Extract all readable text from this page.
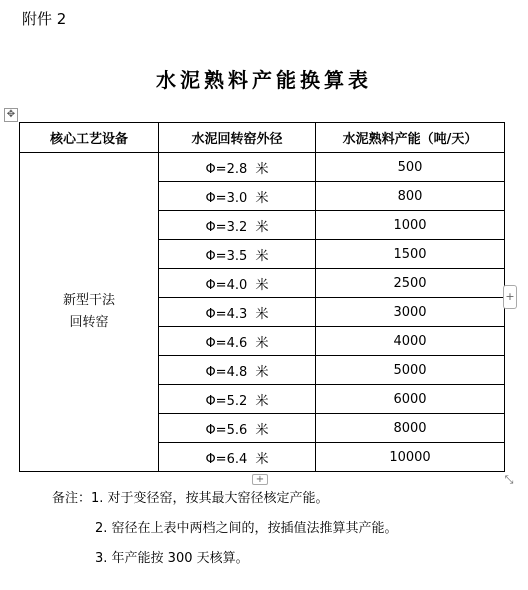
附件 2
水泥熟料产能换算表
✥
核心工艺设备	水泥回转窑外径	水泥熟料产能（吨/天）

新型干法
回转窑	Φ=2.8  米	500
	Φ=3.0  米	800
	Φ=3.2  米	1000
	Φ=3.5  米	1500
	Φ=4.0  米	2500
	Φ=4.3  米	3000
	Φ=4.6  米	4000
	Φ=4.8  米	5000
	Φ=5.2  米	6000
	Φ=5.6  米	8000
	Φ=6.4  米	10000
+
+	⤡
备注：1. 对于变径窑，按其最大窑径核定产能。
2. 窑径在上表中两档之间的，按插值法推算其产能。
3. 年产能按 300 天核算。
